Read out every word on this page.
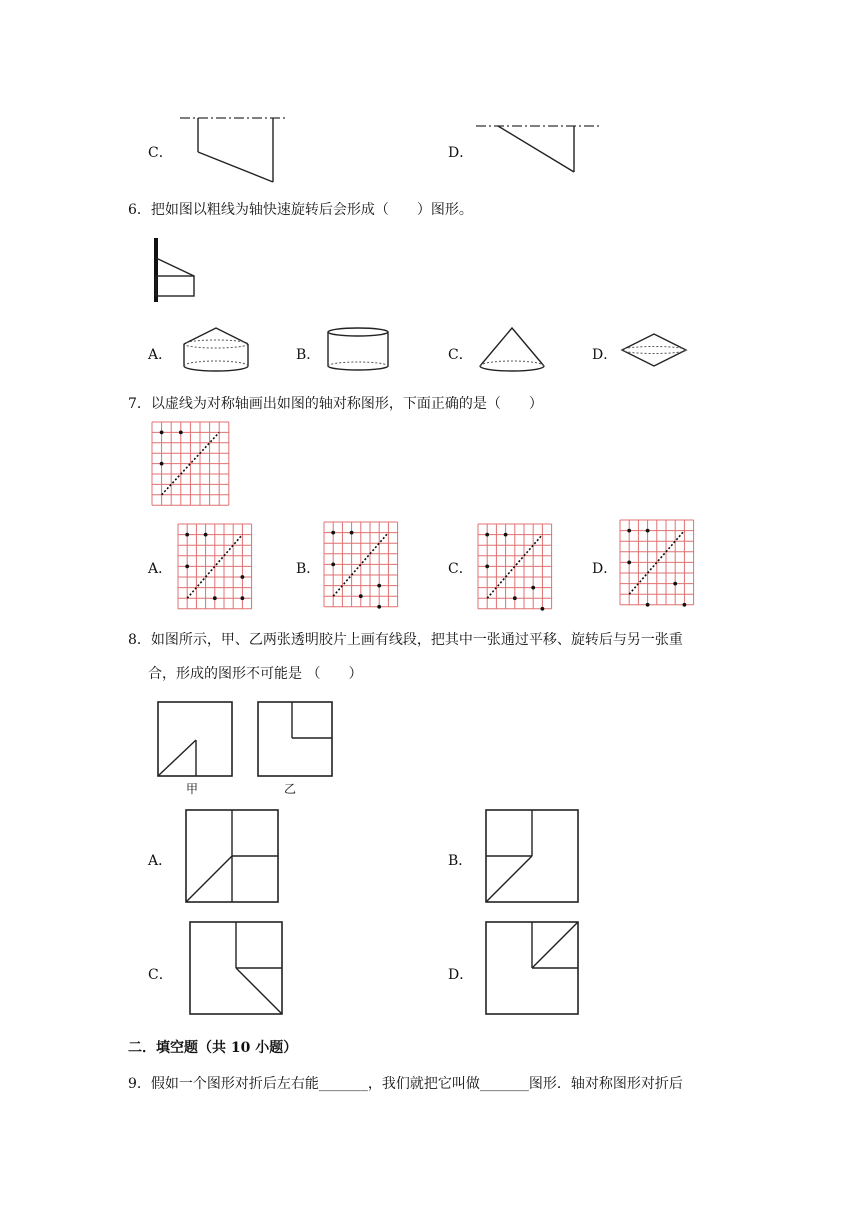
C．	D．
6．把如图以粗线为轴快速旋转后会形成（　　）图形。
A．	B．	C．	D．
7．以虚线为对称轴画出如图的轴对称图形，下面正确的是（　　）
A．	B．	C．	D．
8．如图所示，甲、乙两张透明胶片上画有线段，把其中一张通过平移、旋转后与另一张重
合，形成的图形不可能是 （　　）
甲	乙
A．	B．
C．	D．
二．填空题（共 10 小题）
9．假如一个图形对折后左右能_______，我们就把它叫做_______图形．轴对称图形对折后
